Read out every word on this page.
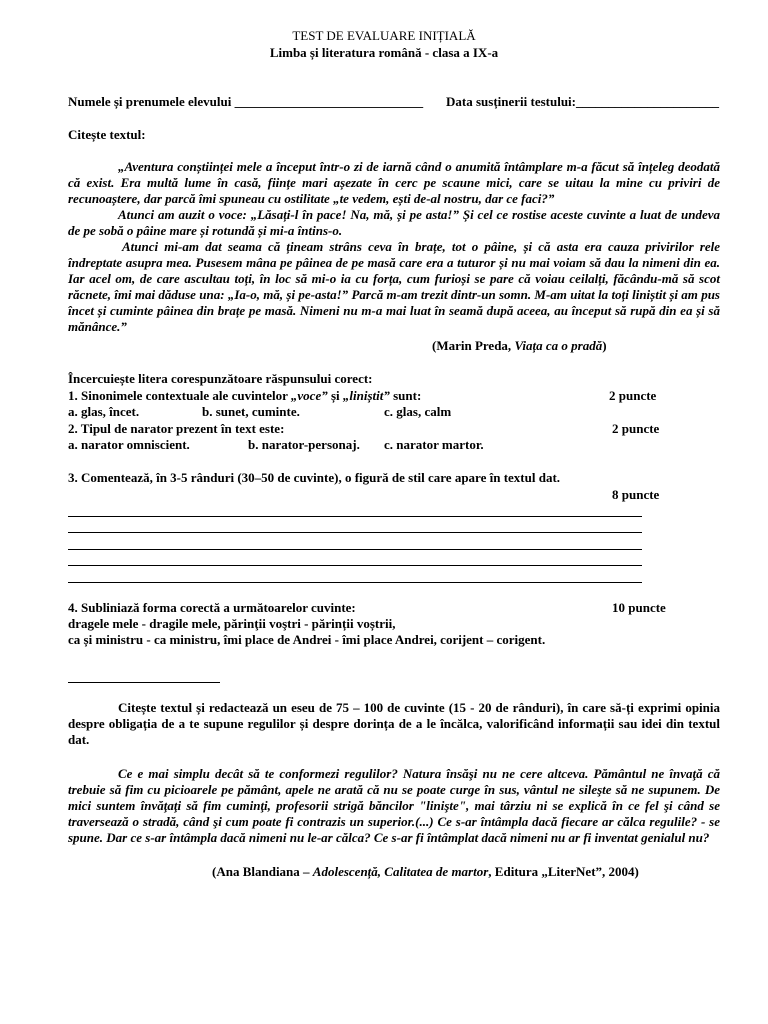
TEST DE EVALUARE INIȚIALĂ
Limba și literatura română - clasa a IX-a
Numele și prenumele elevului _____________________________ Data susținerii testului:______________________
Citește textul:
„Aventura conștiinței mele a început într-o zi de iarnă când o anumită întâmplare m-a făcut să înțeleg deodată că exist. Era multă lume în casă, ființe mari așezate în cerc pe scaune mici, care se uitau la mine cu priviri de recunoaștere, dar parcă îmi spuneau cu ostilitate „te vedem, ești de-al nostru, dar ce faci?”
Atunci am auzit o voce: „Lăsați-l în pace! Na, mă, și pe asta!” Și cel ce rostise aceste cuvinte a luat de undeva de pe sobă o pâine mare și rotundă și mi-a întins-o.
Atunci mi-am dat seama că țineam strâns ceva în brațe, tot o pâine, și că asta era cauza privirilor rele îndreptate asupra mea. Pusesem mâna pe pâinea de pe masă care era a tuturor și nu mai voiam să dau la nimeni din ea. Iar acel om, de care ascultau toți, în loc să mi-o ia cu forța, cum furioși se pare că voiau ceilalți, făcându-mă să scot răcnete, îmi mai dăduse una: „Ia-o, mă, și pe-asta!” Parcă m-am trezit dintr-un somn. M-am uitat la toți liniștit și am pus încet și cuminte pâinea din brațe pe masă. Nimeni nu m-a mai luat în seamă după aceea, au început să rupă din ea și să mănânce.”
(Marin Preda, Viața ca o pradă)
Încercuiește litera corespunzătoare răspunsului corect:
1. Sinonimele contextuale ale cuvintelor „voce” și „liniștit” sunt:	2 puncte
a. glas, încet.	b. sunet, cuminte.	c. glas, calm
2. Tipul de narator prezent în text este:	2 puncte
a. narator omniscient.	b. narator-personaj. c. narator martor.
3. Comentează, în 3-5 rânduri (30–50 de cuvinte), o figură de stil care apare în textul dat.
8 puncte
4. Subliniază forma corectă a următoarelor cuvinte:	10 puncte
dragele mele - dragile mele, părinţii voştri - părinții voștrii,
ca și ministru - ca ministru, îmi place de Andrei - îmi place Andrei, corijent – corigent.
Citește textul și redactează un eseu de 75 – 100 de cuvinte (15 - 20 de rânduri), în care să-ți exprimi opinia despre obligația de a te supune regulilor și despre dorința de a le încălca, valorificând informații sau idei din textul dat.
Ce e mai simplu decât să te conformezi regulilor? Natura însăşi nu ne cere altceva. Pământul ne învaţă că trebuie să fim cu picioarele pe pământ, apele ne arată că nu se poate curge în sus, vântul ne sileşte să ne supunem. De mici suntem învăţaţi să fim cuminţi, profesorii strigă băncilor "linişte", mai târziu ni se explică în ce fel şi când se traversează o stradă, când şi cum poate fi contrazis un superior.(...) Ce s-ar întâmpla dacă fiecare ar călca regulile? - se spune. Dar ce s-ar întâmpla dacă nimeni nu le-ar călca? Ce s-ar fi întâmplat dacă nimeni nu ar fi inventat genialul nu?
(Ana Blandiana – Adolescență, Calitatea de martor, Editura „LiterNet”, 2004)
